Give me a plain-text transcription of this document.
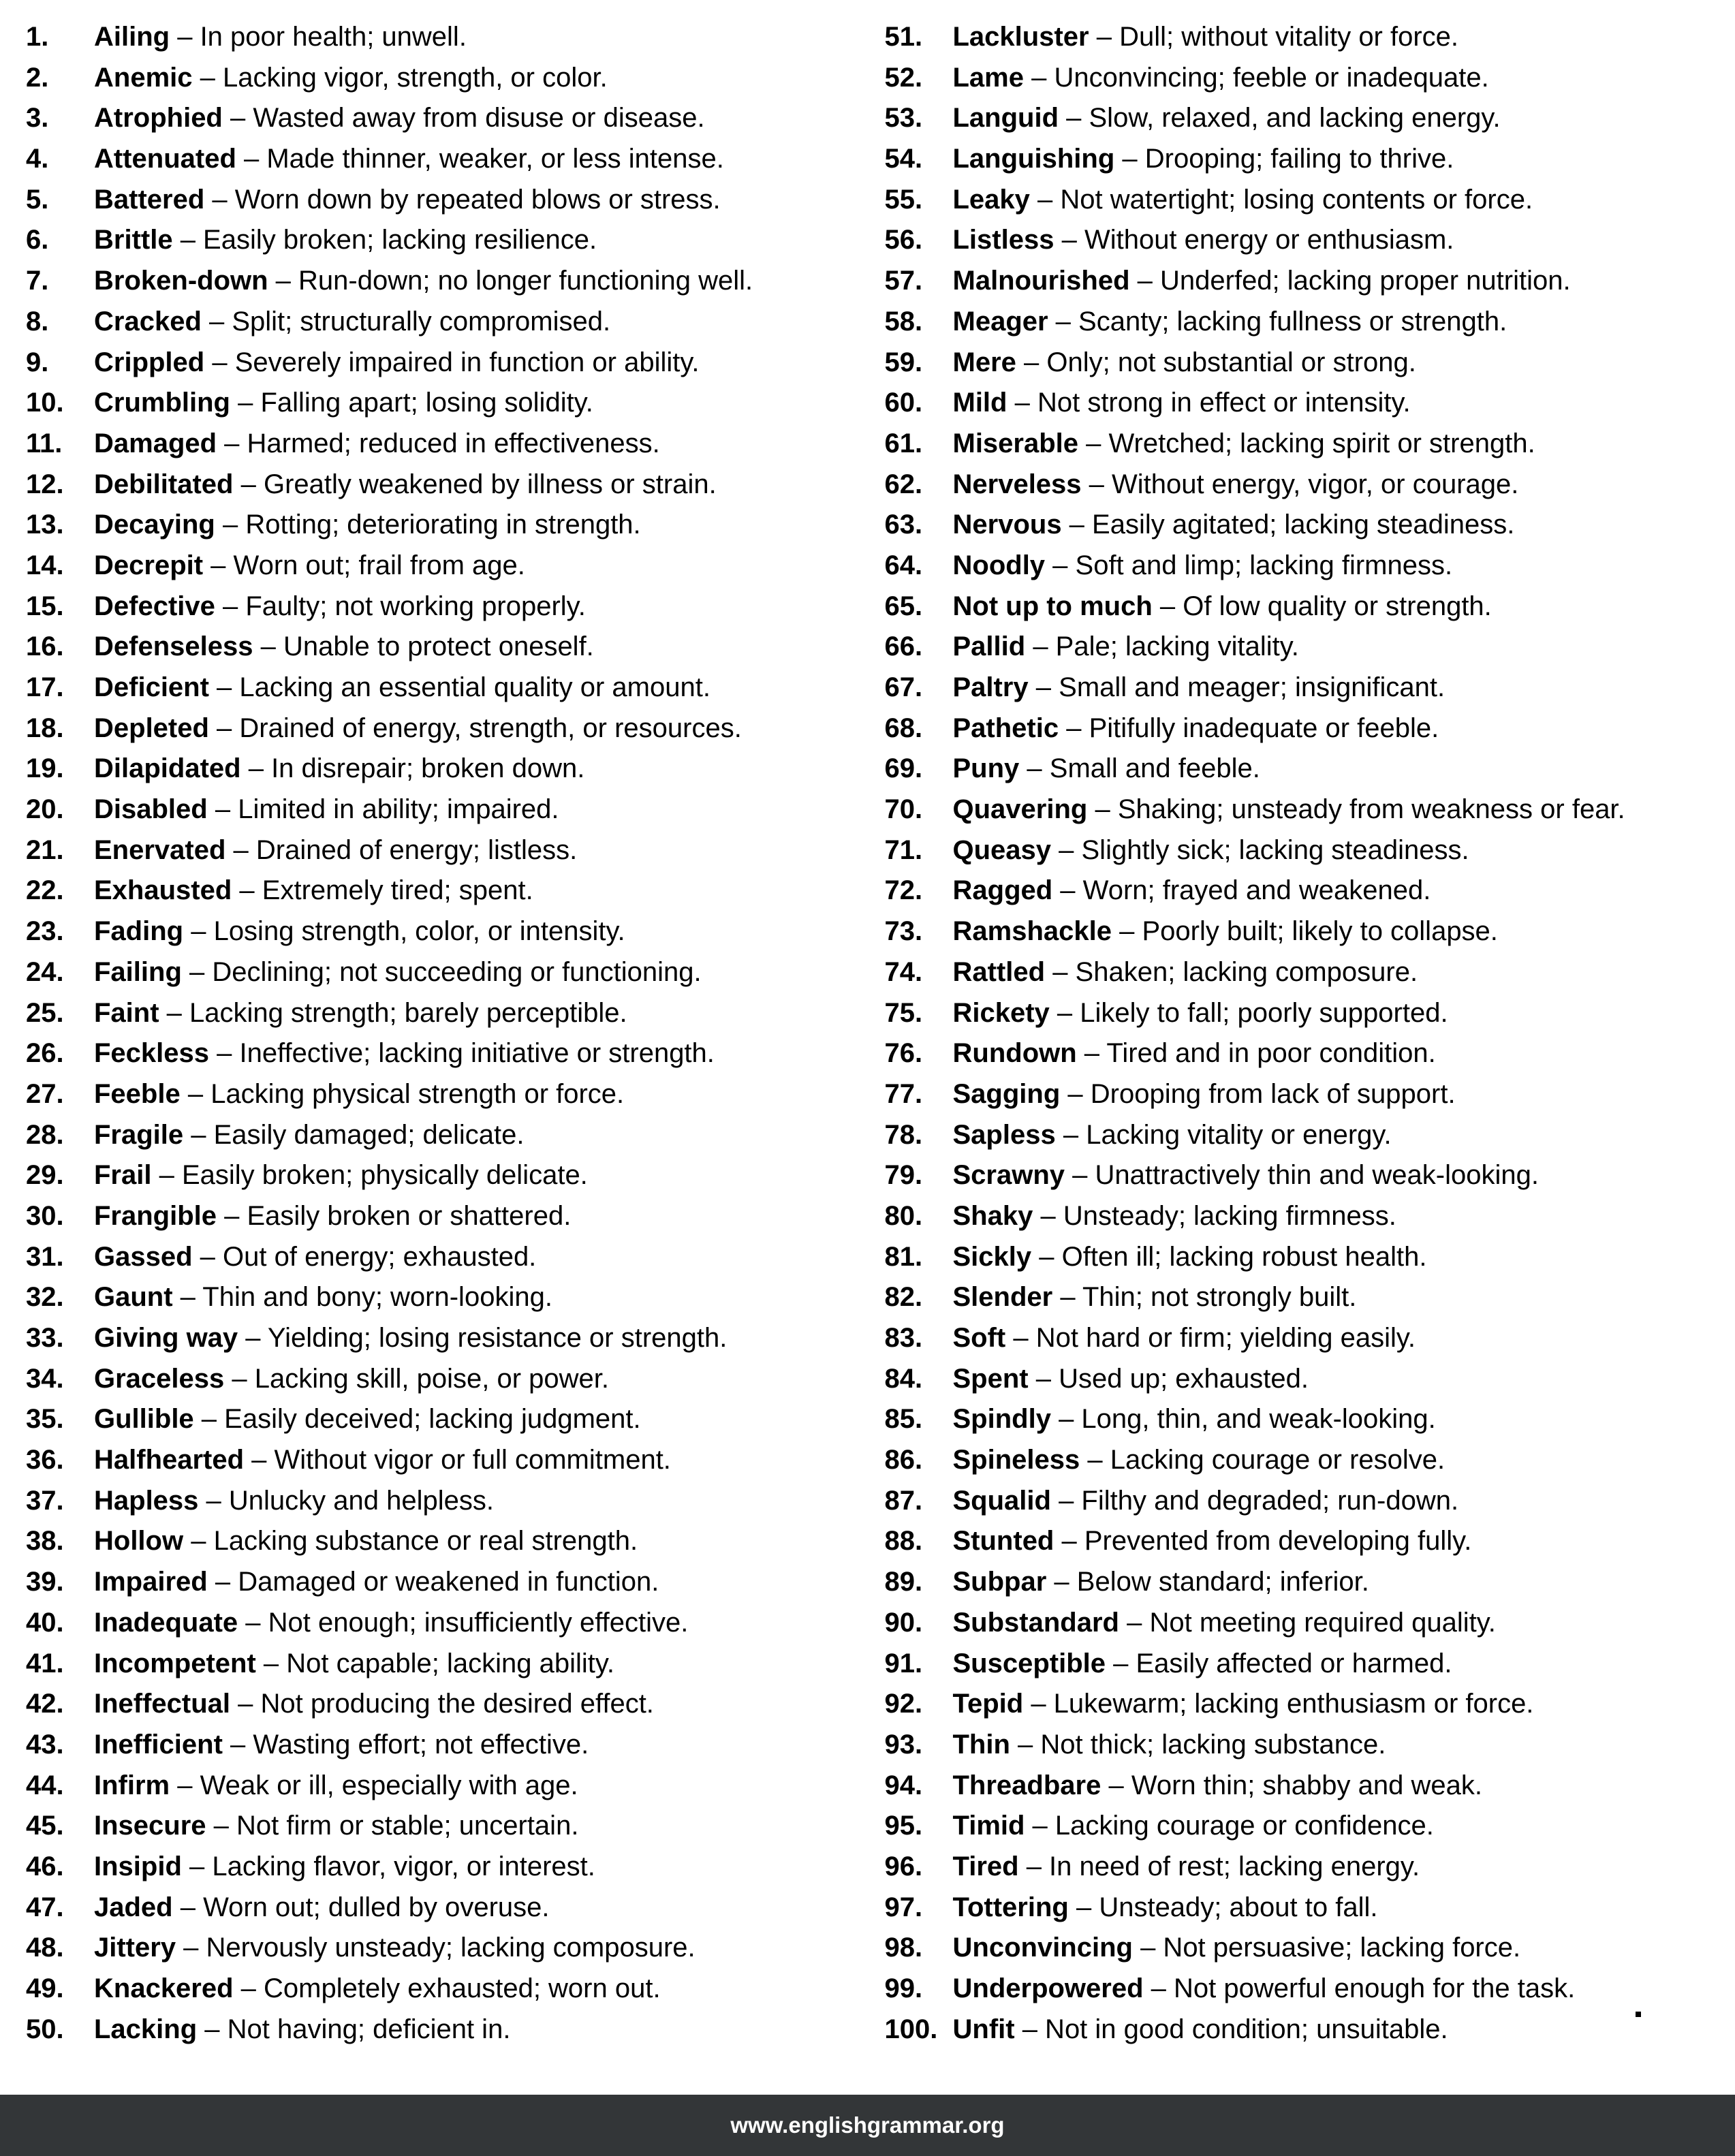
1. Ailing – In poor health; unwell.
2. Anemic – Lacking vigor, strength, or color.
3. Atrophied – Wasted away from disuse or disease.
4. Attenuated – Made thinner, weaker, or less intense.
5. Battered – Worn down by repeated blows or stress.
6. Brittle – Easily broken; lacking resilience.
7. Broken-down – Run-down; no longer functioning well.
8. Cracked – Split; structurally compromised.
9. Crippled – Severely impaired in function or ability.
10. Crumbling – Falling apart; losing solidity.
11. Damaged – Harmed; reduced in effectiveness.
12. Debilitated – Greatly weakened by illness or strain.
13. Decaying – Rotting; deteriorating in strength.
14. Decrepit – Worn out; frail from age.
15. Defective – Faulty; not working properly.
16. Defenseless – Unable to protect oneself.
17. Deficient – Lacking an essential quality or amount.
18. Depleted – Drained of energy, strength, or resources.
19. Dilapidated – In disrepair; broken down.
20. Disabled – Limited in ability; impaired.
21. Enervated – Drained of energy; listless.
22. Exhausted – Extremely tired; spent.
23. Fading – Losing strength, color, or intensity.
24. Failing – Declining; not succeeding or functioning.
25. Faint – Lacking strength; barely perceptible.
26. Feckless – Ineffective; lacking initiative or strength.
27. Feeble – Lacking physical strength or force.
28. Fragile – Easily damaged; delicate.
29. Frail – Easily broken; physically delicate.
30. Frangible – Easily broken or shattered.
31. Gassed – Out of energy; exhausted.
32. Gaunt – Thin and bony; worn-looking.
33. Giving way – Yielding; losing resistance or strength.
34. Graceless – Lacking skill, poise, or power.
35. Gullible – Easily deceived; lacking judgment.
36. Halfhearted – Without vigor or full commitment.
37. Hapless – Unlucky and helpless.
38. Hollow – Lacking substance or real strength.
39. Impaired – Damaged or weakened in function.
40. Inadequate – Not enough; insufficiently effective.
41. Incompetent – Not capable; lacking ability.
42. Ineffectual – Not producing the desired effect.
43. Inefficient – Wasting effort; not effective.
44. Infirm – Weak or ill, especially with age.
45. Insecure – Not firm or stable; uncertain.
46. Insipid – Lacking flavor, vigor, or interest.
47. Jaded – Worn out; dulled by overuse.
48. Jittery – Nervously unsteady; lacking composure.
49. Knackered – Completely exhausted; worn out.
50. Lacking – Not having; deficient in.
51. Lackluster – Dull; without vitality or force.
52. Lame – Unconvincing; feeble or inadequate.
53. Languid – Slow, relaxed, and lacking energy.
54. Languishing – Drooping; failing to thrive.
55. Leaky – Not watertight; losing contents or force.
56. Listless – Without energy or enthusiasm.
57. Malnourished – Underfed; lacking proper nutrition.
58. Meager – Scanty; lacking fullness or strength.
59. Mere – Only; not substantial or strong.
60. Mild – Not strong in effect or intensity.
61. Miserable – Wretched; lacking spirit or strength.
62. Nerveless – Without energy, vigor, or courage.
63. Nervous – Easily agitated; lacking steadiness.
64. Noodly – Soft and limp; lacking firmness.
65. Not up to much – Of low quality or strength.
66. Pallid – Pale; lacking vitality.
67. Paltry – Small and meager; insignificant.
68. Pathetic – Pitifully inadequate or feeble.
69. Puny – Small and feeble.
70. Quavering – Shaking; unsteady from weakness or fear.
71. Queasy – Slightly sick; lacking steadiness.
72. Ragged – Worn; frayed and weakened.
73. Ramshackle – Poorly built; likely to collapse.
74. Rattled – Shaken; lacking composure.
75. Rickety – Likely to fall; poorly supported.
76. Rundown – Tired and in poor condition.
77. Sagging – Drooping from lack of support.
78. Sapless – Lacking vitality or energy.
79. Scrawny – Unattractively thin and weak-looking.
80. Shaky – Unsteady; lacking firmness.
81. Sickly – Often ill; lacking robust health.
82. Slender – Thin; not strongly built.
83. Soft – Not hard or firm; yielding easily.
84. Spent – Used up; exhausted.
85. Spindly – Long, thin, and weak-looking.
86. Spineless – Lacking courage or resolve.
87. Squalid – Filthy and degraded; run-down.
88. Stunted – Prevented from developing fully.
89. Subpar – Below standard; inferior.
90. Substandard – Not meeting required quality.
91. Susceptible – Easily affected or harmed.
92. Tepid – Lukewarm; lacking enthusiasm or force.
93. Thin – Not thick; lacking substance.
94. Threadbare – Worn thin; shabby and weak.
95. Timid – Lacking courage or confidence.
96. Tired – In need of rest; lacking energy.
97. Tottering – Unsteady; about to fall.
98. Unconvincing – Not persuasive; lacking force.
99. Underpowered – Not powerful enough for the task.
100. Unfit – Not in good condition; unsuitable.
www.englishgrammar.org
